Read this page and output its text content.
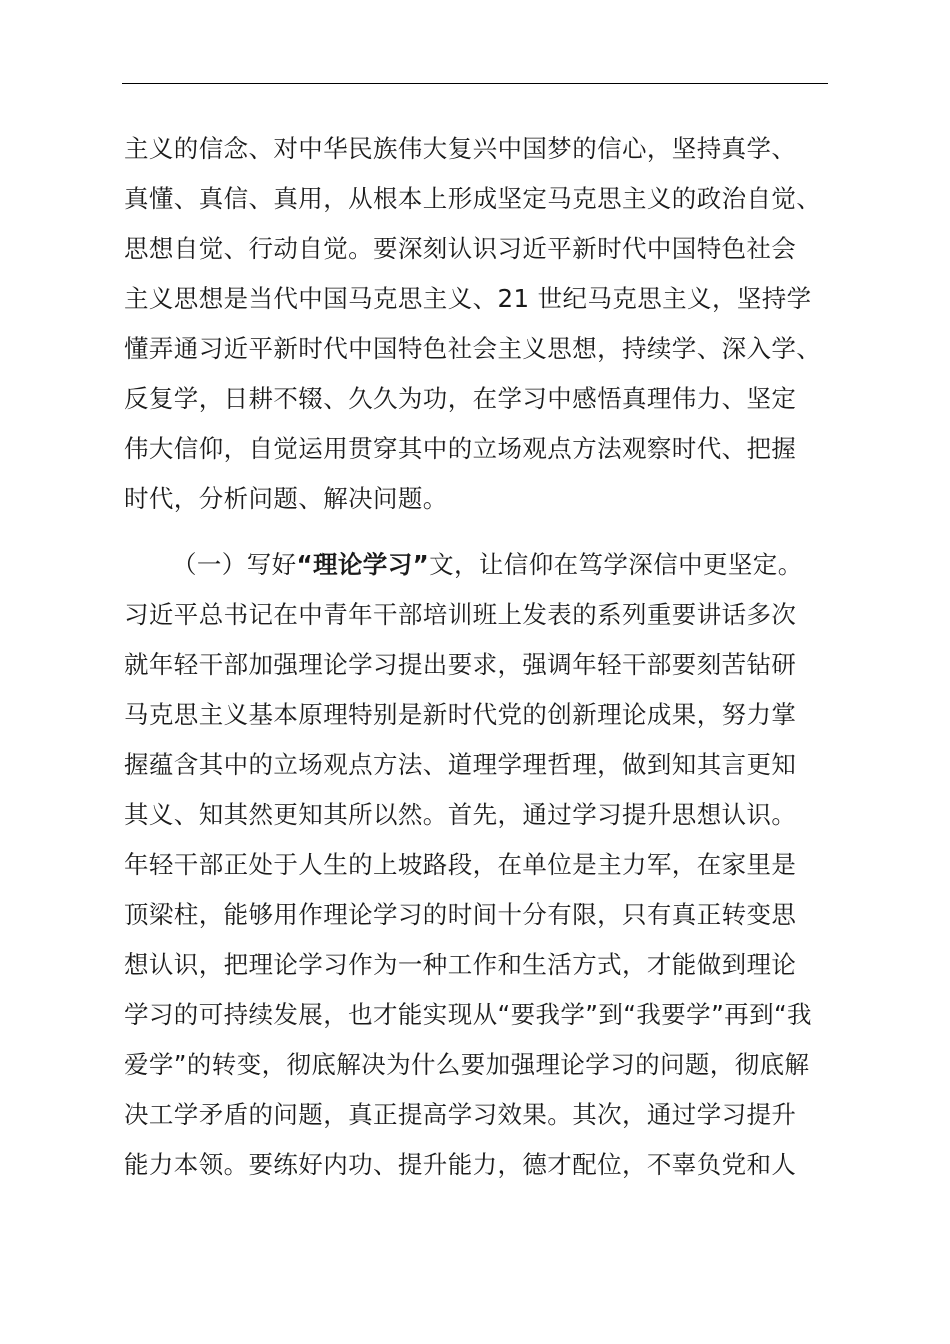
主义的信念、对中华民族伟大复兴中国梦的信心，坚持真学、
真懂、真信、真用，从根本上形成坚定马克思主义的政治自觉、
思想自觉、行动自觉。要深刻认识习近平新时代中国特色社会
主义思想是当代中国马克思主义、21 世纪马克思主义，坚持学
懂弄通习近平新时代中国特色社会主义思想，持续学、深入学、
反复学，日耕不辍、久久为功，在学习中感悟真理伟力、坚定
伟大信仰，自觉运用贯穿其中的立场观点方法观察时代、把握
时代，分析问题、解决问题。
（一）写好“理论学习”文，让信仰在笃学深信中更坚定。
习近平总书记在中青年干部培训班上发表的系列重要讲话多次
就年轻干部加强理论学习提出要求，强调年轻干部要刻苦钻研
马克思主义基本原理特别是新时代党的创新理论成果，努力掌
握蕴含其中的立场观点方法、道理学理哲理，做到知其言更知
其义、知其然更知其所以然。首先，通过学习提升思想认识。
年轻干部正处于人生的上坡路段，在单位是主力军，在家里是
顶梁柱，能够用作理论学习的时间十分有限，只有真正转变思
想认识，把理论学习作为一种工作和生活方式，才能做到理论
学习的可持续发展，也才能实现从“要我学”到“我要学”再到“我
爱学”的转变，彻底解决为什么要加强理论学习的问题，彻底解
决工学矛盾的问题，真正提高学习效果。其次，通过学习提升
能力本领。要练好内功、提升能力，德才配位，不辜负党和人
